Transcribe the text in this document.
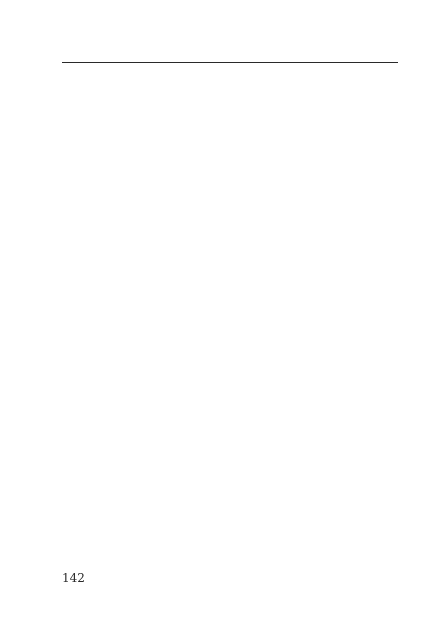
142
